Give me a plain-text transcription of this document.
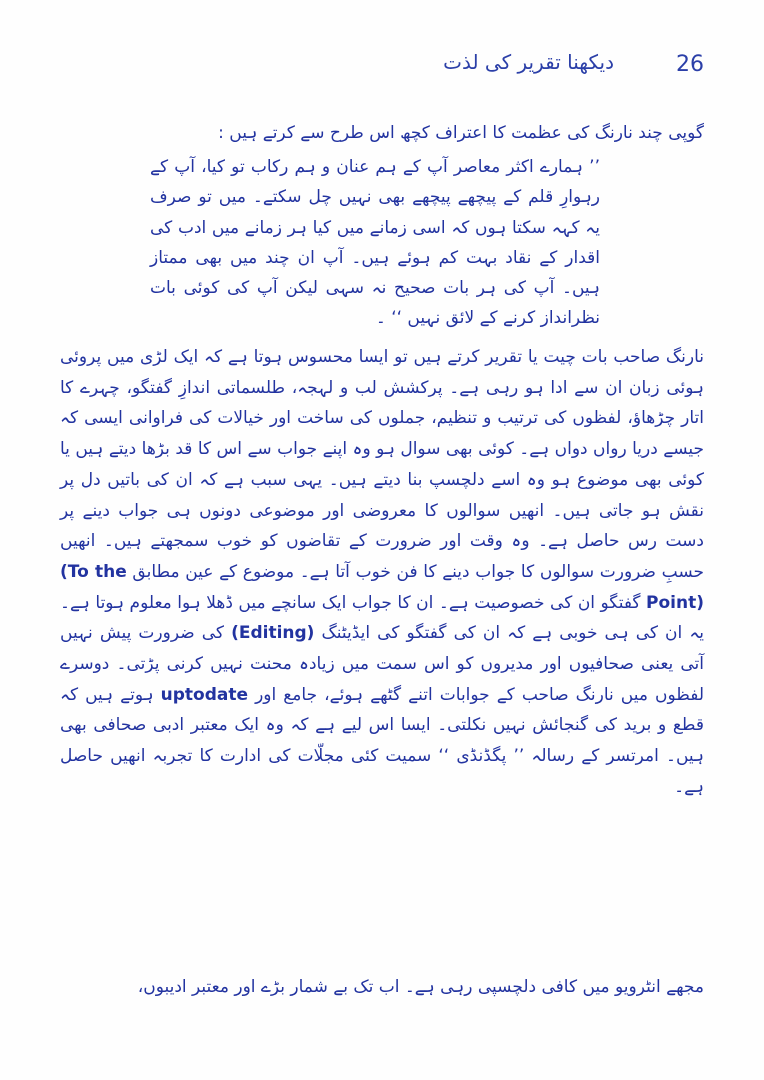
26
دیکھنا تقریر کی لذت

گوپی چند نارنگ کی عظمت کا اعتراف کچھ اس طرح سے کرتے ہیں :

’’ ہمارے اکثر معاصر آپ کے ہم عنان و ہم رکاب تو کیا، آپ کے رہوارِ قلم کے پیچھے پیچھے بھی نہیں چل سکتے۔ میں تو صرف یہ کہہ سکتا ہوں کہ اسی زمانے میں کیا ہر زمانے میں ادب کی اقدار کے نقاد بہت کم ہوئے ہیں۔ آپ ان چند میں بھی ممتاز ہیں۔ آپ کی ہر بات صحیح نہ سہی لیکن آپ کی کوئی بات نظرانداز کرنے کے لائق نہیں ‘‘ ۔

نارنگ صاحب بات چیت یا تقریر کرتے ہیں تو ایسا محسوس ہوتا ہے کہ ایک لڑی میں پروئی ہوئی زبان ان سے ادا ہو رہی ہے۔ پرکشش لب و لہجہ، طلسماتی اندازِ گفتگو، چہرے کا اتار چڑھاؤ، لفظوں کی ترتیب و تنظیم، جملوں کی ساخت اور خیالات کی فراوانی ایسی کہ جیسے دریا رواں دواں ہے۔ کوئی بھی سوال ہو وہ اپنے جواب سے اس کا قد بڑھا دیتے ہیں یا کوئی بھی موضوع ہو وہ اسے دلچسپ بنا دیتے ہیں۔ یہی سبب ہے کہ ان کی باتیں دل پر نقش ہو جاتی ہیں۔ انھیں سوالوں کا معروضی اور موضوعی دونوں ہی جواب دینے پر دست رس حاصل ہے۔ وہ وقت اور ضرورت کے تقاضوں کو خوب سمجھتے ہیں۔ انھیں حسبِ ضرورت سوالوں کا جواب دینے کا فن خوب آتا ہے۔ موضوع کے عین مطابق (To the Point) گفتگو ان کی خصوصیت ہے۔ ان کا جواب ایک سانچے میں ڈھلا ہوا معلوم ہوتا ہے۔ یہ ان کی ہی خوبی ہے کہ ان کی گفتگو کی ایڈیٹنگ (Editing) کی ضرورت پیش نہیں آتی یعنی صحافیوں اور مدیروں کو اس سمت میں زیادہ محنت نہیں کرنی پڑتی۔ دوسرے لفظوں میں نارنگ صاحب کے جوابات اتنے گٹھے ہوئے، جامع اور uptodate ہوتے ہیں کہ قطع و برید کی گنجائش نہیں نکلتی۔ ایسا اس لیے ہے کہ وہ ایک معتبر ادبی صحافی بھی ہیں۔ امرتسر کے رسالہ ’’ پگڈنڈی ‘‘ سمیت کئی مجلّات کی ادارت کا تجربہ انھیں حاصل ہے۔

مجھے انٹرویو میں کافی دلچسپی رہی ہے۔ اب تک بے شمار بڑے اور معتبر ادیبوں،
